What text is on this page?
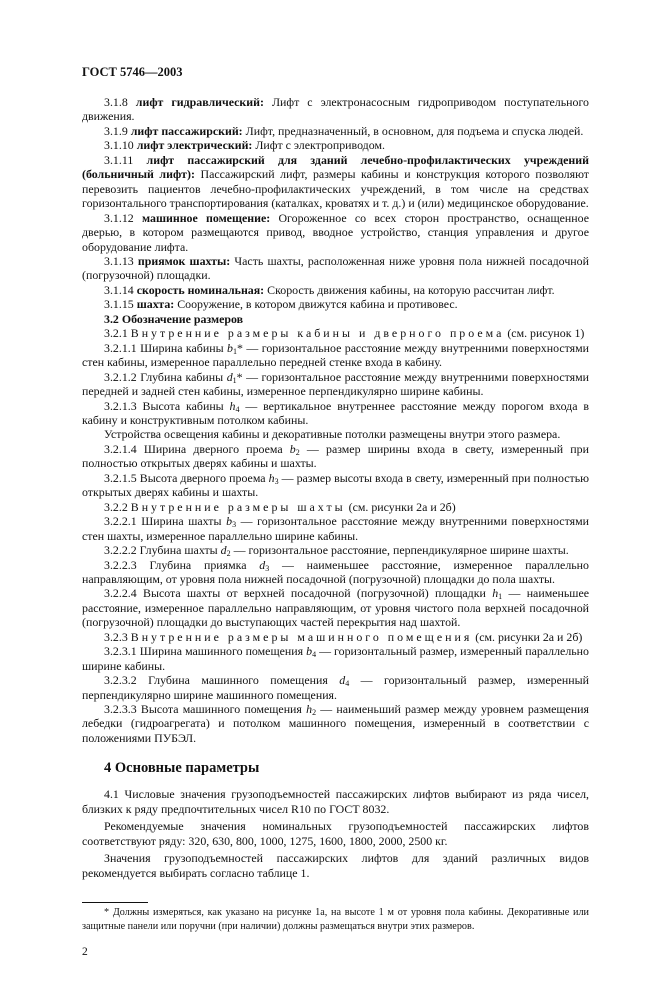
ГОСТ 5746—2003

3.1.8 лифт гидравлический: Лифт с электронасосным гидроприводом поступательного движения.

3.1.9 лифт пассажирский: Лифт, предназначенный, в основном, для подъема и спуска людей.

3.1.10 лифт электрический: Лифт с электроприводом.

3.1.11 лифт пассажирский для зданий лечебно-профилактических учреждений (больничный лифт): Пассажирский лифт, размеры кабины и конструкция которого позволяют перевозить пациентов лечебно-профилактических учреждений, в том числе на средствах горизонтального транспортирования (каталках, кроватях и т. д.) и (или) медицинское оборудование.

3.1.12 машинное помещение: Огороженное со всех сторон пространство, оснащенное дверью, в котором размещаются привод, вводное устройство, станция управления и другое оборудование лифта.

3.1.13 приямок шахты: Часть шахты, расположенная ниже уровня пола нижней посадочной (погрузочной) площадки.

3.1.14 скорость номинальная: Скорость движения кабины, на которую рассчитан лифт.

3.1.15 шахта: Сооружение, в котором движутся кабина и противовес.

3.2 Обозначение размеров

3.2.1 Внутренние размеры кабины и дверного проема (см. рисунок 1)

3.2.1.1 Ширина кабины $b_1*$ — горизонтальное расстояние между внутренними поверхностями стен кабины, измеренное параллельно передней стенке входа в кабину.

3.2.1.2 Глубина кабины $d_1*$ — горизонтальное расстояние между внутренними поверхностями передней и задней стен кабины, измеренное перпендикулярно ширине кабины.

3.2.1.3 Высота кабины $h_4$ — вертикальное внутреннее расстояние между порогом входа в кабину и конструктивным потолком кабины.

Устройства освещения кабины и декоративные потолки размещены внутри этого размера.

3.2.1.4 Ширина дверного проема $b_2$ — размер ширины входа в свету, измеренный при полностью открытых дверях кабины и шахты.

3.2.1.5 Высота дверного проема $h_3$ — размер высоты входа в свету, измеренный при полностью открытых дверях кабины и шахты.

3.2.2 Внутренние размеры шахты (см. рисунки 2а и 2б)

3.2.2.1 Ширина шахты $b_3$ — горизонтальное расстояние между внутренними поверхностями стен шахты, измеренное параллельно ширине кабины.

3.2.2.2 Глубина шахты $d_2$ — горизонтальное расстояние, перпендикулярное ширине шахты.

3.2.2.3 Глубина приямка $d_3$ — наименьшее расстояние, измеренное параллельно направляющим, от уровня пола нижней посадочной (погрузочной) площадки до пола шахты.

3.2.2.4 Высота шахты от верхней посадочной (погрузочной) площадки $h_1$ — наименьшее расстояние, измеренное параллельно направляющим, от уровня чистого пола верхней посадочной (погрузочной) площадки до выступающих частей перекрытия над шахтой.

3.2.3 Внутренние размеры машинного помещения (см. рисунки 2а и 2б)

3.2.3.1 Ширина машинного помещения $b_4$ — горизонтальный размер, измеренный параллельно ширине кабины.

3.2.3.2 Глубина машинного помещения $d_4$ — горизонтальный размер, измеренный перпендикулярно ширине машинного помещения.

3.2.3.3 Высота машинного помещения $h_2$ — наименьший размер между уровнем размещения лебедки (гидроагрегата) и потолком машинного помещения, измеренный в соответствии с положениями ПУБЭЛ.

4 Основные параметры

4.1 Числовые значения грузоподъемностей пассажирских лифтов выбирают из ряда чисел, близких к ряду предпочтительных чисел R10 по ГОСТ 8032.

Рекомендуемые значения номинальных грузоподъемностей пассажирских лифтов соответствуют ряду: 320, 630, 800, 1000, 1275, 1600, 1800, 2000, 2500 кг.

Значения грузоподъемностей пассажирских лифтов для зданий различных видов рекомендуется выбирать согласно таблице 1.

* Должны измеряться, как указано на рисунке 1а, на высоте 1 м от уровня пола кабины. Декоративные или защитные панели или поручни (при наличии) должны размещаться внутри этих размеров.

2
